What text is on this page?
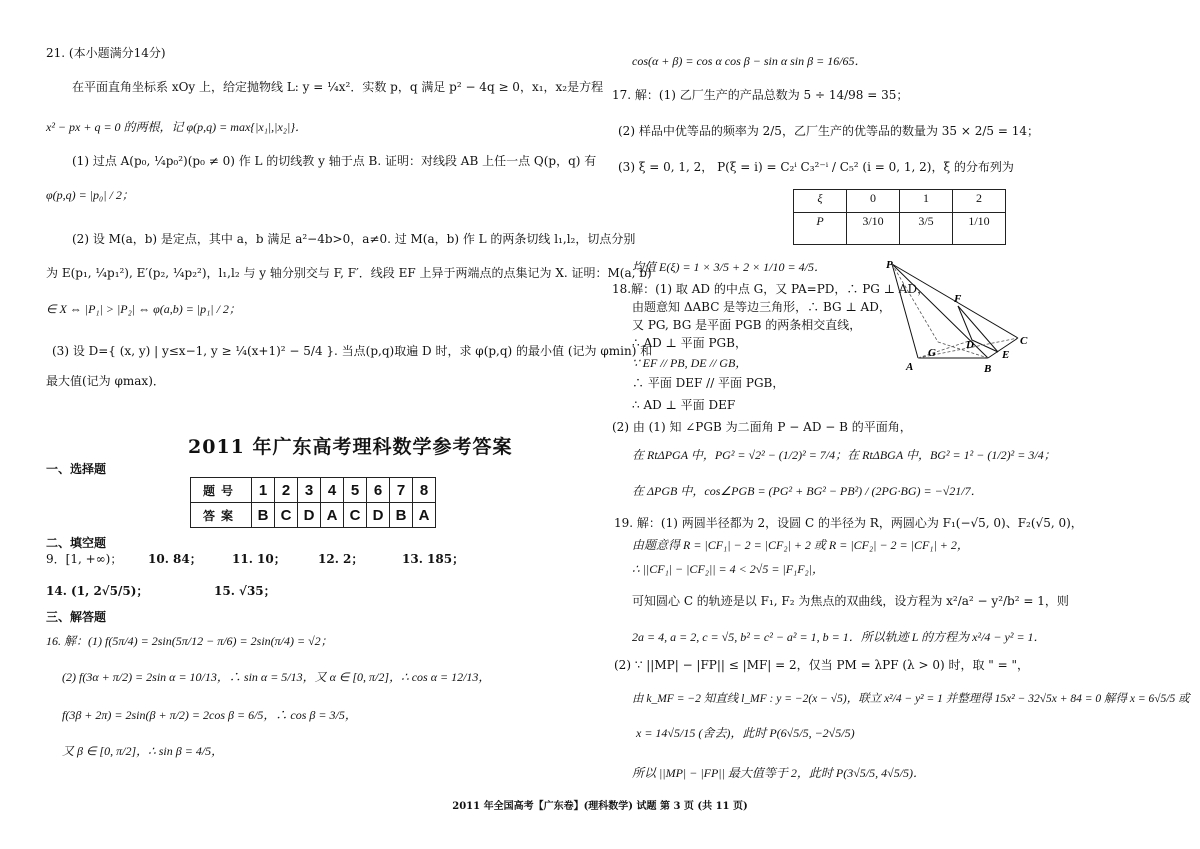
21. (本小题满分14分)
在平面直角坐标系 xOy 上，给定抛物线 L: y = ¼x²．实数 p，q 满足 p² − 4q ≥ 0，x₁，x₂是方程
x² − px + q = 0 的两根，记 φ(p,q) = max{|x₁|,|x₂|}．
(1) 过点 A(p₀, ¼p₀²)(p₀ ≠ 0) 作 L 的切线教 y 轴于点 B. 证明：对线段 AB 上任一点 Q(p，q) 有
φ(p,q) = |p₀| / 2；
(2) 设 M(a，b) 是定点，其中 a，b 满足 a²−4b>0，a≠0. 过 M(a，b) 作 L 的两条切线 l₁,l₂，切点分别
为 E(p₁, ¼p₁²), E′(p₂, ¼p₂²)，l₁,l₂ 与 y 轴分别交与 F, F′．线段 EF 上异于两端点的点集记为 X. 证明：M(a, b)
∈ X ⇔ |P₁| > |P₂| ⇔ φ(a,b) = |p₁| / 2；
(3) 设 D={ (x, y) | y≤x−1, y ≥ ¼(x+1)² − 5/4 }. 当点(p,q)取遍 D 时，求 φ(p,q) 的最小值 (记为 φmin) 和
最大值(记为 φmax)．
2011 年广东高考理科数学参考答案
一、选择题
题号	1	2	3	4	5	6	7	8
答案	B	C	D	A	C	D	B	A
二、填空题
9．[1, +∞)； 10. 84；	11. 10；	12. 2；	13. 185；
14. (1, 2√5/5)；	15. √35；
三、解答题
16. 解：(1) f(5π/4) = 2sin(5π/12 − π/6) = 2sin(π/4) = √2；
(2) f(3α + π/2) = 2sin α = 10/13，∴ sin α = 5/13，又 α ∈ [0, π/2]，∴ cos α = 12/13，
f(3β + 2π) = 2sin(β + π/2) = 2cos β = 6/5，∴ cos β = 3/5，
又 β ∈ [0, π/2]，∴ sin β = 4/5，
cos(α + β) = cos α cos β − sin α sin β = 16/65．
17. 解：(1) 乙厂生产的产品总数为 5 ÷ 14/98 = 35；
(2) 样品中优等品的频率为 2/5，乙厂生产的优等品的数量为 35 × 2/5 = 14；
(3) ξ = 0, 1, 2， P(ξ = i) = C₂ⁱ C₃²⁻ⁱ / C₅² (i = 0, 1, 2)，ξ 的分布列为
ξ	0	1	2
P	3/10	3/5	1/10
均值 E(ξ) = 1 × 3/5 + 2 × 1/10 = 4/5．
18.解：(1) 取 AD 的中点 G，又 PA=PD，∴ PG ⊥ AD，
由题意知 ΔABC 是等边三角形，∴ BG ⊥ AD，
又 PG, BG 是平面 PGB 的两条相交直线，
∴ AD ⊥ 平面 PGB，
∵ EF // PB, DE // GB，
∴ 平面 DEF // 平面 PGB，
∴ AD ⊥ 平面 DEF
(2) 由 (1) 知 ∠PGB 为二面角 P − AD − B 的平面角，
在 RtΔPGA 中，PG² = √2² − (1/2)² = 7/4；在 RtΔBGA 中，BG² = 1² − (1/2)² = 3/4；
在 ΔPGB 中，cos∠PGB = (PG² + BG² − PB²) / (2PG·BG) = −√21/7．
19. 解：(1) 两圆半径都为 2，设圆 C 的半径为 R，两圆心为 F₁(−√5, 0)、F₂(√5, 0)，
由题意得 R = |CF₁| − 2 = |CF₂| + 2 或 R = |CF₂| − 2 = |CF₁| + 2，
∴ ||CF₁| − |CF₂|| = 4 < 2√5 = |F₁F₂|，
可知圆心 C 的轨迹是以 F₁, F₂ 为焦点的双曲线，设方程为 x²/a² − y²/b² = 1，则
2a = 4, a = 2, c = √5, b² = c² − a² = 1, b = 1．所以轨迹 L 的方程为 x²/4 − y² = 1．
(2) ∵ ||MP| − |FP|| ≤ |MF| = 2，仅当 PM = λPF (λ > 0) 时，取 " = "，
由 k_MF = −2 知直线 l_MF : y = −2(x − √5)，联立 x²/4 − y² = 1 并整理得 15x² − 32√5x + 84 = 0 解得 x = 6√5/5 或
x = 14√5/15 (舍去)，此时 P(6√5/5, −2√5/5)
所以 ||MP| − |FP|| 最大值等于 2，此时 P(3√5/5, 4√5/5)．
P
F
C
D
G	E
A	B
2011 年全国高考【广东卷】(理科数学) 试题 第 3 页 (共 11 页)
